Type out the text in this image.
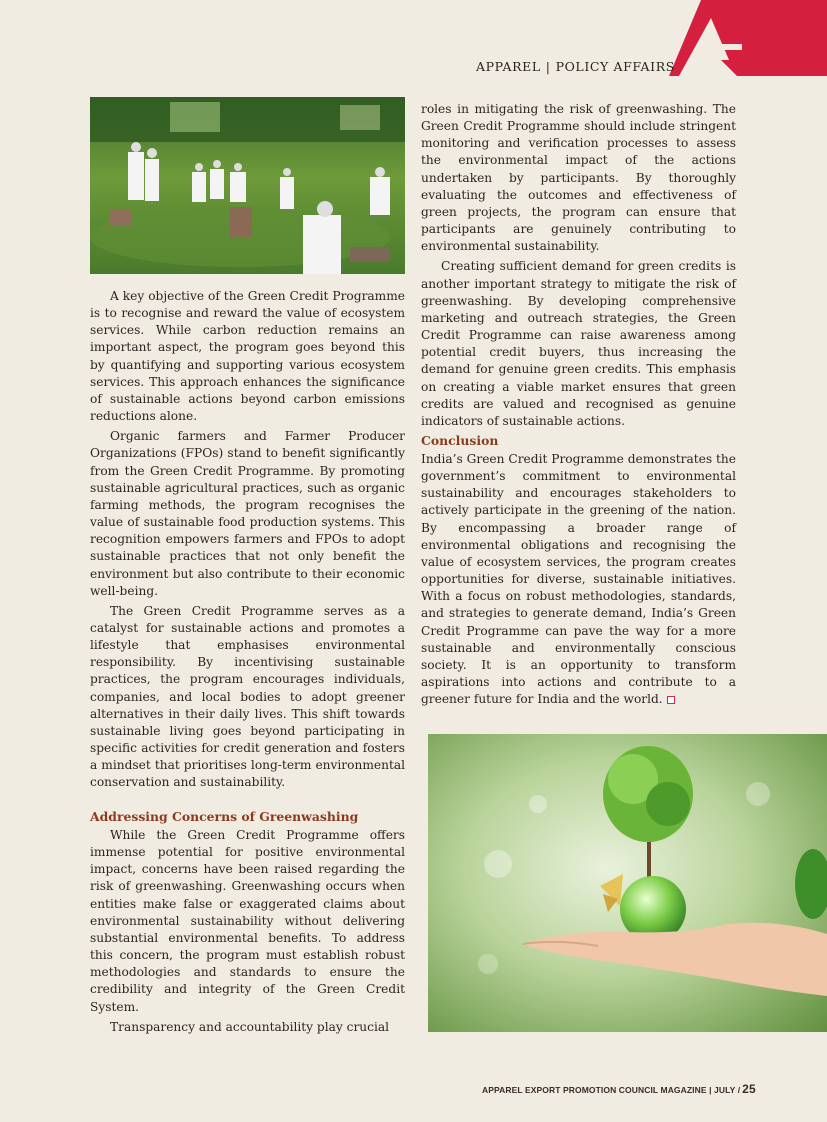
APPAREL | POLICY AFFAIRS

A key objective of the Green Credit Programme is to recognise and reward the value of ecosystem services. While carbon reduction remains an important aspect, the program goes beyond this by quantifying and supporting various ecosystem services. This approach enhances the significance of sustainable actions beyond carbon emissions reductions alone.

Organic farmers and Farmer Producer Organizations (FPOs) stand to benefit significantly from the Green Credit Programme. By promoting sustainable agricultural practices, such as organic farming methods, the program recognises the value of sustainable food production systems. This recognition empowers farmers and FPOs to adopt sustainable practices that not only benefit the environment but also contribute to their economic well-being.

The Green Credit Programme serves as a catalyst for sustainable actions and promotes a lifestyle that emphasises environmental responsibility. By incentivising sustainable practices, the program encourages individuals, companies, and local bodies to adopt greener alternatives in their daily lives. This shift towards sustainable living goes beyond participating in specific activities for credit generation and fosters a mindset that prioritises long-term environmental conservation and sustainability.

Addressing Concerns of Greenwashing

While the Green Credit Programme offers immense potential for positive environmental impact, concerns have been raised regarding the risk of greenwashing. Greenwashing occurs when entities make false or exaggerated claims about environmental sustainability without delivering substantial environmental benefits. To address this concern, the program must establish robust methodologies and standards to ensure the credibility and integrity of the Green Credit System.

Transparency and accountability play crucial

roles in mitigating the risk of greenwashing. The Green Credit Programme should include stringent monitoring and verification processes to assess the environmental impact of the actions undertaken by participants. By thoroughly evaluating the outcomes and effectiveness of green projects, the program can ensure that participants are genuinely contributing to environmental sustainability.

Creating sufficient demand for green credits is another important strategy to mitigate the risk of greenwashing. By developing comprehensive marketing and outreach strategies, the Green Credit Programme can raise awareness among potential credit buyers, thus increasing the demand for genuine green credits. This emphasis on creating a viable market ensures that green credits are valued and recognised as genuine indicators of sustainable actions.

Conclusion

India’s Green Credit Programme demonstrates the government’s commitment to environmental sustainability and encourages stakeholders to actively participate in the greening of the nation. By encompassing a broader range of environmental obligations and recognising the value of ecosystem services, the program creates opportunities for diverse, sustainable initiatives. With a focus on robust methodologies, standards, and strategies to generate demand, India’s Green Credit Programme can pave the way for a more sustainable and environmentally conscious society. It is an opportunity to transform aspirations into actions and contribute to a greener future for India and the world.

APPAREL EXPORT PROMOTION COUNCIL MAGAZINE | JULY / 25
